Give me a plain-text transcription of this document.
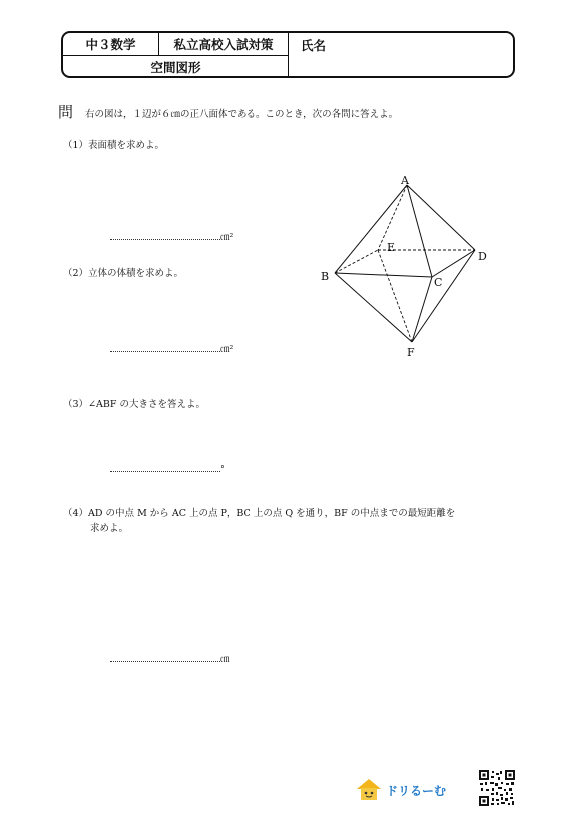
中３数学	私立高校入試対策
空間図形
氏名
問 右の図は，１辺が６㎝の正八面体である。このとき，次の各問に答えよ。
（1）表面積を求めよ。
㎝²
（2）立体の体積を求めよ。
㎝²
（3）∠ABF の大きさを答えよ。
°
（4）AD の中点 M から AC 上の点 P，BC 上の点 Q を通り，BF の中点までの最短距離を
求めよ。
㎝
A
B	C
D
E
F
ドリるーむ
